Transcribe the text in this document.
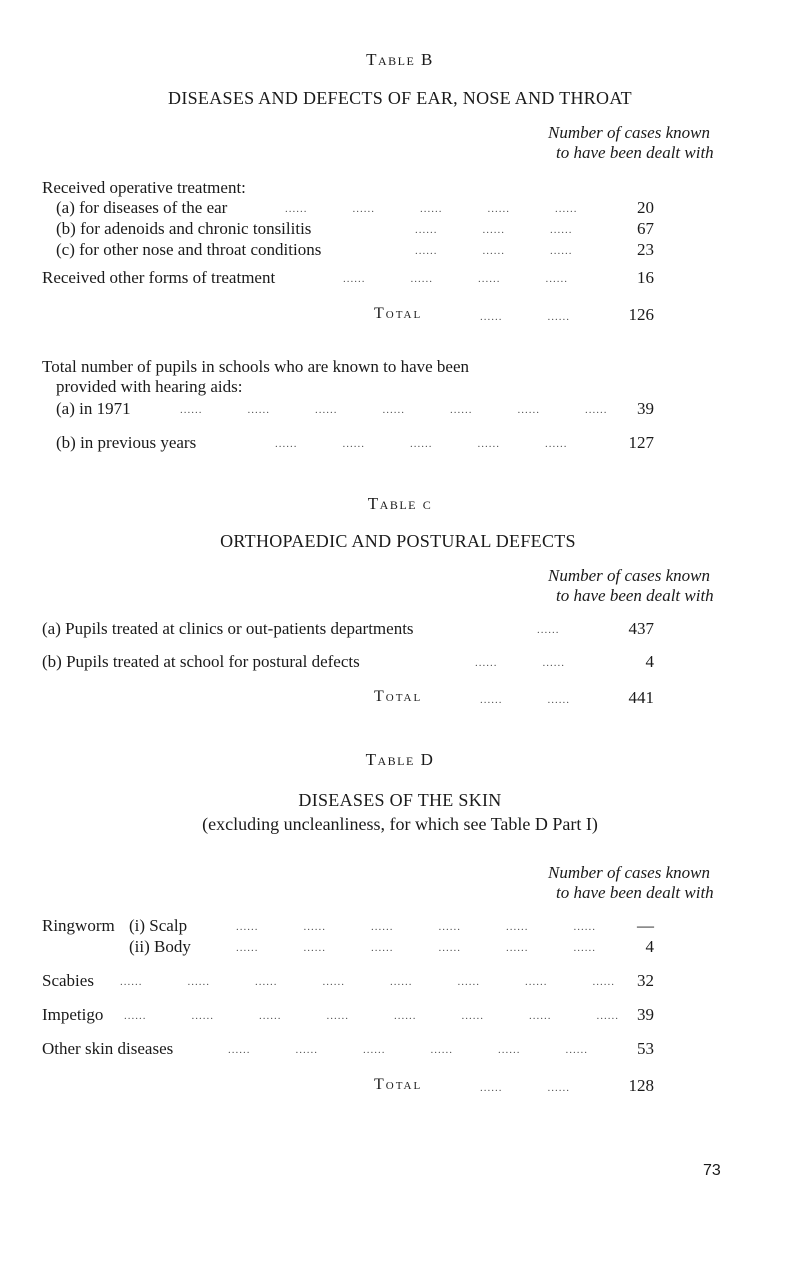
Table B
DISEASES AND DEFECTS OF EAR, NOSE AND THROAT
Number of cases known
to have been dealt with
Received operative treatment:
(a) for diseases of the ear	......	......	......	......	......	20
(b) for adenoids and chronic tonsilitis	......	......	......	67
(c) for other nose and throat conditions	......	......	......	23
Received other forms of treatment	......	......	......	......	16
Total	......	......	126
Total number of pupils in schools who are known to have been
provided with hearing aids:
(a) in 1971	......	......	......	......	......	......	......	39
(b) in previous years	......	......	......	......	......	127
Table c
ORTHOPAEDIC AND POSTURAL DEFECTS
Number of cases known
to have been dealt with
(a) Pupils treated at clinics or out-patients departments	......	437
(b) Pupils treated at school for postural defects	......	......	4
Total	......	......	441
Table D
DISEASES OF THE SKIN
(excluding uncleanliness, for which see Table D Part I)
Number of cases known
to have been dealt with
Ringworm (i) Scalp	......	......	......	......	......	......	—
(ii) Body	......	......	......	......	......	......	4
Scabies ......	......	......	......	......	......	......	......	32
Impetigo ......	......	......	......	......	......	......	......	39
Other skin diseases	......	......	......	......	......	......	53
Total	......	......	128
73
